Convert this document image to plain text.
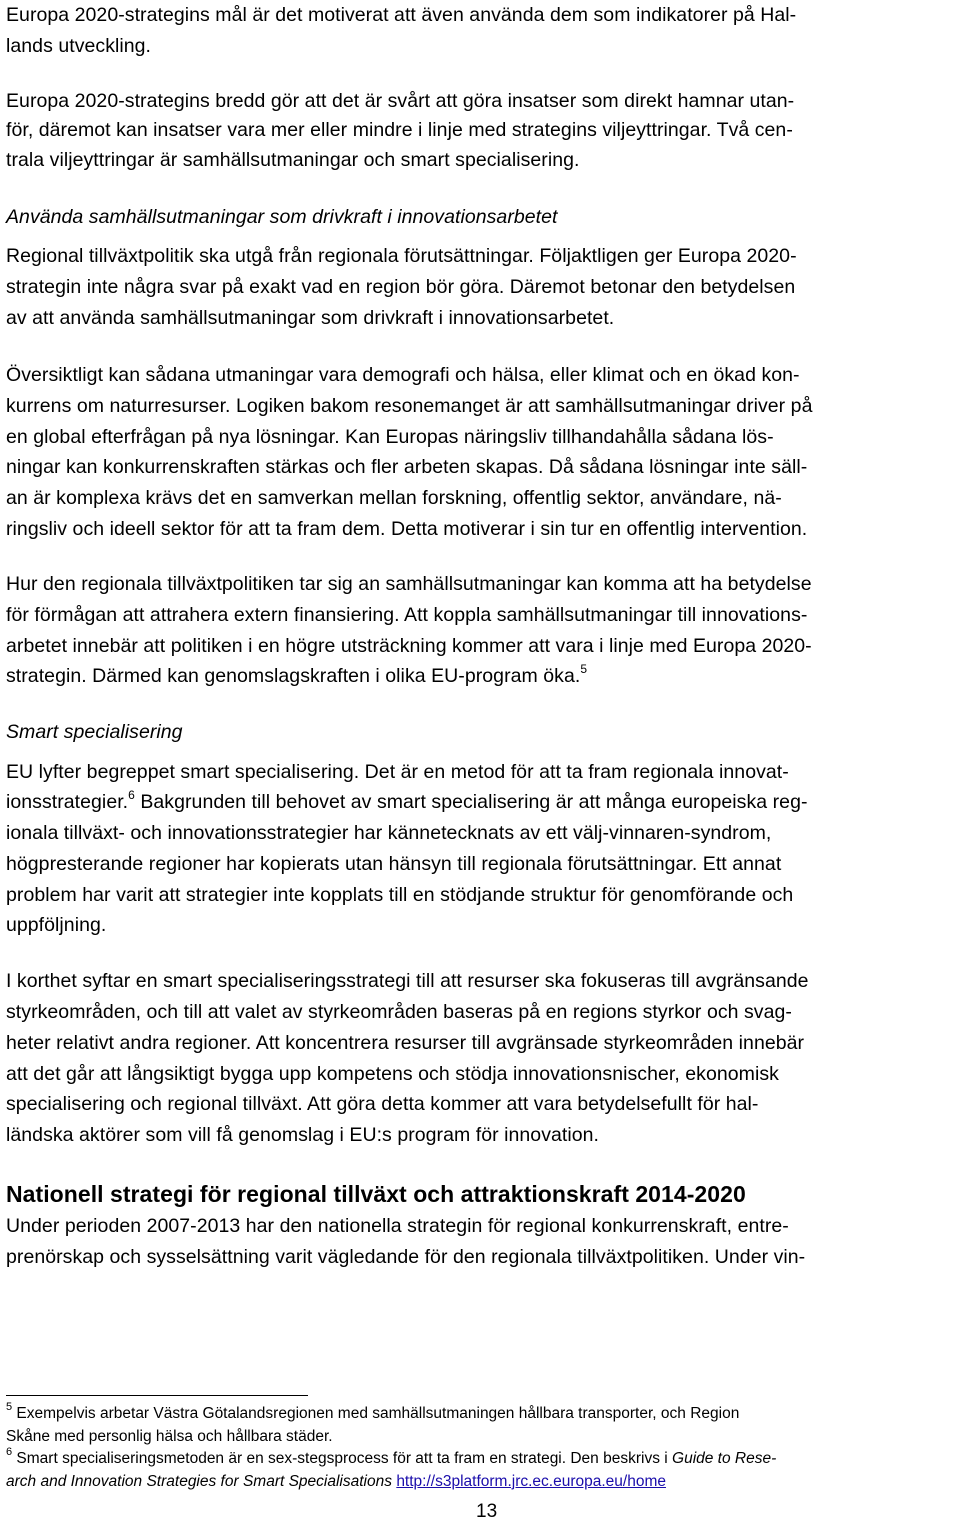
Europa 2020-strategins mål är det motiverat att även använda dem som indikatorer på Hal-
lands utveckling.
Europa 2020-strategins bredd gör att det är svårt att göra insatser som direkt hamnar utan-
för, däremot kan insatser vara mer eller mindre i linje med strategins viljeyttringar. Två cen-
trala viljeyttringar är samhällsutmaningar och smart specialisering.
Använda samhällsutmaningar som drivkraft i innovationsarbetet
Regional tillväxtpolitik ska utgå från regionala förutsättningar. Följaktligen ger Europa 2020-
strategin inte några svar på exakt vad en region bör göra. Däremot betonar den betydelsen
av att använda samhällsutmaningar som drivkraft i innovationsarbetet.
Översiktligt kan sådana utmaningar vara demografi och hälsa, eller klimat och en ökad kon-
kurrens om naturresurser. Logiken bakom resonemanget är att samhällsutmaningar driver på
en global efterfrågan på nya lösningar. Kan Europas näringsliv tillhandahålla sådana lös-
ningar kan konkurrenskraften stärkas och fler arbeten skapas. Då sådana lösningar inte säll-
an är komplexa krävs det en samverkan mellan forskning, offentlig sektor, användare, nä-
ringsliv och ideell sektor för att ta fram dem. Detta motiverar i sin tur en offentlig intervention.
Hur den regionala tillväxtpolitiken tar sig an samhällsutmaningar kan komma att ha betydelse
för förmågan att attrahera extern finansiering. Att koppla samhällsutmaningar till innovations-
arbetet innebär att politiken i en högre utsträckning kommer att vara i linje med Europa 2020-
strategin. Därmed kan genomslagskraften i olika EU-program öka.$^5$
Smart specialisering
EU lyfter begreppet smart specialisering. Det är en metod för att ta fram regionala innovat-
ionsstrategier.$^6$ Bakgrunden till behovet av smart specialisering är att många europeiska reg-
ionala tillväxt- och innovationsstrategier har kännetecknats av ett välj-vinnaren-syndrom,
högpresterande regioner har kopierats utan hänsyn till regionala förutsättningar. Ett annat
problem har varit att strategier inte kopplats till en stödjande struktur för genomförande och
uppföljning.
I korthet syftar en smart specialiseringsstrategi till att resurser ska fokuseras till avgränsande
styrkeområden, och till att valet av styrkeområden baseras på en regions styrkor och svag-
heter relativt andra regioner. Att koncentrera resurser till avgränsade styrkeområden innebär
att det går att långsiktigt bygga upp kompetens och stödja innovationsnischer, ekonomisk
specialisering och regional tillväxt. Att göra detta kommer att vara betydelsefullt för hal-
ländska aktörer som vill få genomslag i EU:s program för innovation.
Nationell strategi för regional tillväxt och attraktionskraft 2014-2020
Under perioden 2007-2013 har den nationella strategin för regional konkurrenskraft, entre-
prenörskap och sysselsättning varit vägledande för den regionala tillväxtpolitiken. Under vin-
$^5$ Exempelvis arbetar Västra Götalandsregionen med samhällsutmaningen hållbara transporter, och Region
Skåne med personlig hälsa och hållbara städer.
$^6$ Smart specialiseringsmetoden är en sex-stegsprocess för att ta fram en strategi. Den beskrivs i Guide to Rese-
arch and Innovation Strategies for Smart Specialisations http://s3platform.jrc.ec.europa.eu/home
13
